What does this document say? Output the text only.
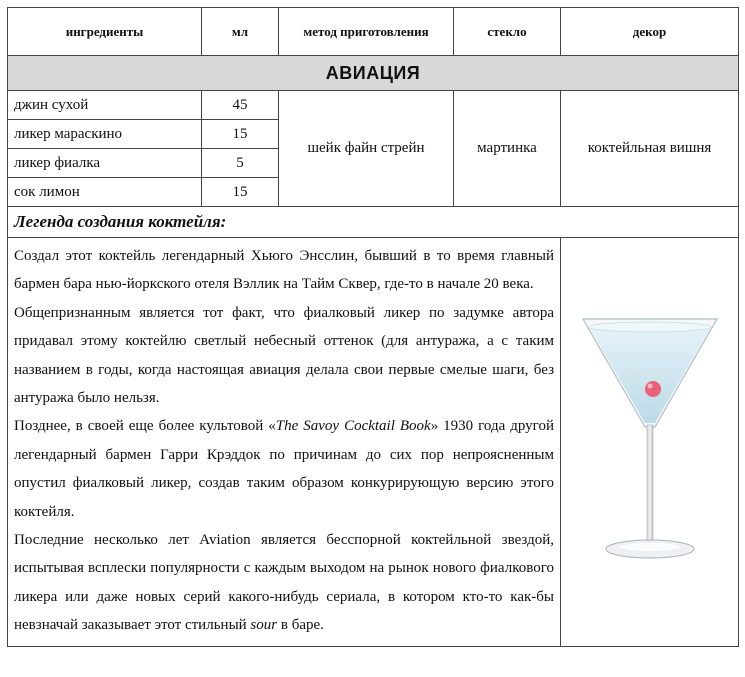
ингредиенты	мл	метод приготовления	стекло	декор
АВИАЦИЯ				
джин сухой	45	шейк файн стрейн	мартинка	коктейльная вишня
ликер мараскино	15			
ликер фиалка	5			
сок лимон	15			
Легенда создания коктейля:				

Создал этот коктейль легендарный Хьюго Энсслин, бывший в то время главный бармен бара нью-йоркского отеля Вэллик на Тайм Сквер, где-то в начале 20 века.

Общепризнанным является тот факт, что фиалковый ликер по задумке автора придавал этому коктейлю светлый небесный оттенок (для антуража, а с таким названием в годы, когда настоящая авиация делала свои первые смелые шаги, без антуража было нельзя.

Позднее, в своей еще более культовой «The Savoy Cocktail Book» 1930 года другой легендарный бармен Гарри Крэддок по причинам до сих пор непроясненным опустил фиалковый ликер, создав таким образом конкурирующую версию этого коктейля.

Последние несколько лет Aviation является бесспорной коктейльной звездой, испытывая всплески популярности с каждым выходом на рынок нового фиалкового ликера или даже новых серий какого-нибудь сериала, в котором кто-то как-бы невзначай заказывает этот стильный sour в баре.
